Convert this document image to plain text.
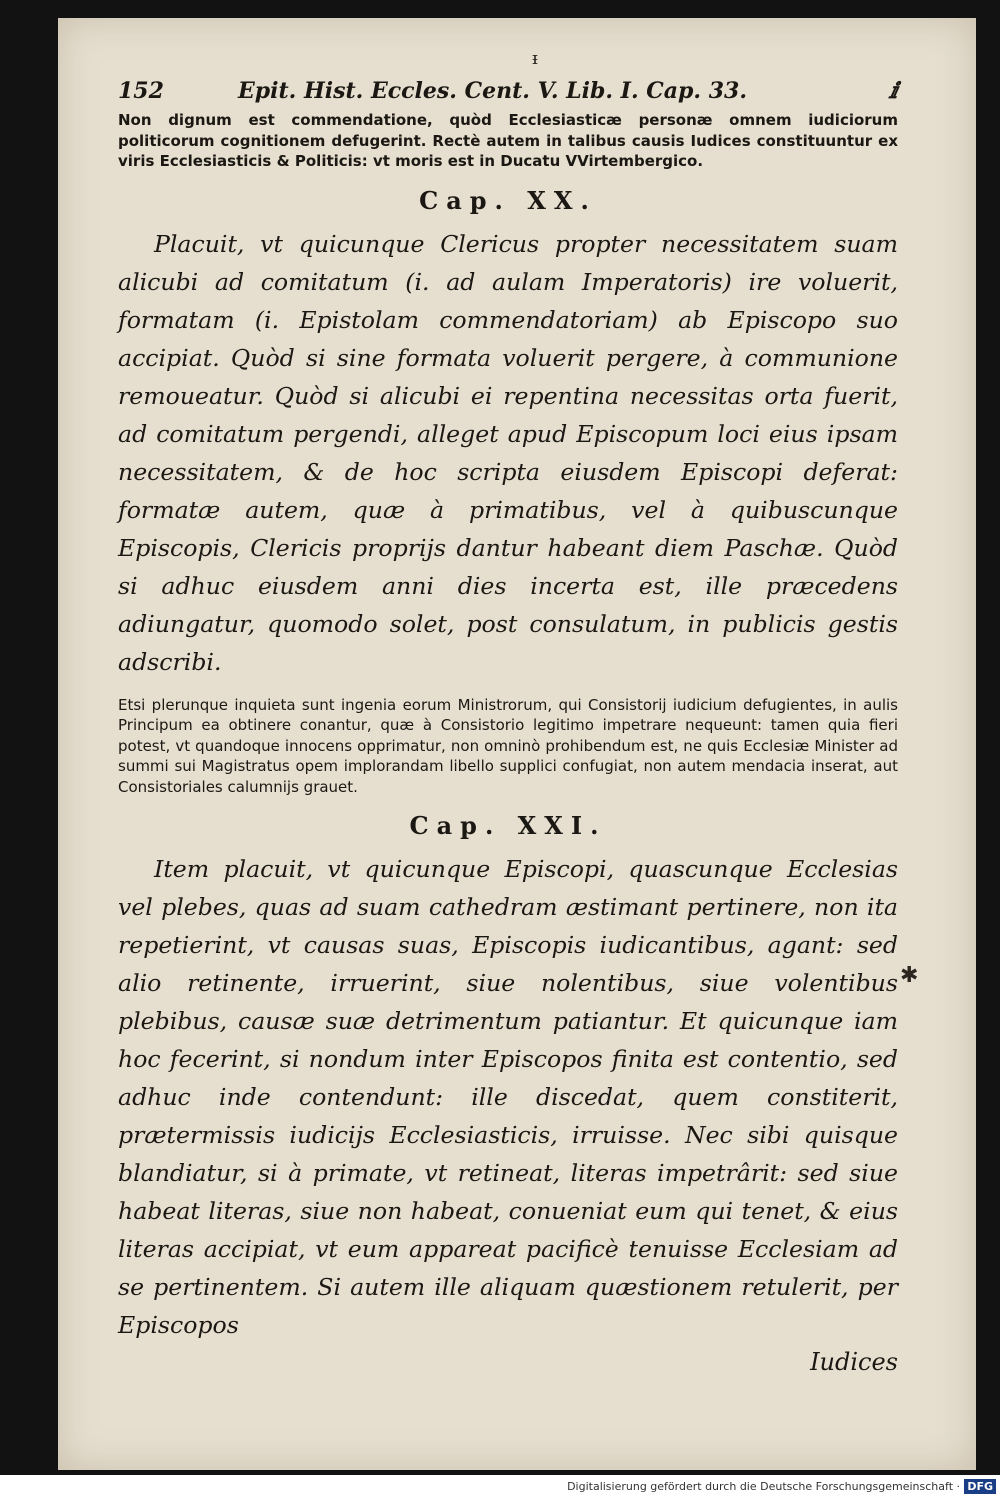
ᵻ
152	Epit. Hist. Eccles. Cent. V. Lib. I. Cap. 33.	ⅈ

Non dignum est commendatione, quòd Ecclesiasticæ personæ omnem iudiciorum politicorum cognitionem defugerint. Rectè autem in talibus causis Iudices constituuntur ex viris Ecclesiasticis & Politicis: vt moris est in Ducatu VVirtembergico.

Cap. XX.

Placuit, vt quicunque Clericus propter necessitatem suam alicubi ad comitatum (i. ad aulam Imperatoris) ire voluerit, formatam (i. Epistolam commendatoriam) ab Episcopo suo accipiat. Quòd si sine formata voluerit pergere, à communione remoueatur. Quòd si alicubi ei repentina necessitas orta fuerit, ad comitatum pergendi, alleget apud Episcopum loci eius ipsam necessitatem, & de hoc scripta eiusdem Episcopi deferat: formatæ autem, quæ à primatibus, vel à quibuscunque Episcopis, Clericis proprijs dantur habeant diem Paschæ. Quòd si adhuc eiusdem anni dies incerta est, ille præcedens adiungatur, quomodo solet, post consulatum, in publicis gestis adscribi.

Etsi plerunque inquieta sunt ingenia eorum Ministrorum, qui Consistorij iudicium defugientes, in aulis Principum ea obtinere conantur, quæ à Consistorio legitimo impetrare nequeunt: tamen quia fieri potest, vt quandoque innocens opprimatur, non omninò prohibendum est, ne quis Ecclesiæ Minister ad summi sui Magistratus opem implorandam libello supplici confugiat, non autem mendacia inserat, aut Consistoriales calumnijs grauet.

Cap. XXI.

Item placuit, vt quicunque Episcopi, quascunque Ecclesias vel plebes, quas ad suam cathedram æstimant pertinere, non ita repetierint, vt causas suas, Episcopis iudicantibus, agant: sed alio retinente, irruerint, siue nolentibus, siue volentibus plebibus, causæ suæ detrimentum patiantur. Et quicunque iam hoc fecerint, si nondum inter Episcopos finita est contentio, sed adhuc inde contendunt: ille discedat, quem constiterit, prætermissis iudicijs Ecclesiasticis, irruisse. Nec sibi quisque blandiatur, si à primate, vt retineat, literas impetrârit: sed siue habeat literas, siue non habeat, conueniat eum qui tenet, & eius literas accipiat, vt eum appareat pacificè tenuisse Ecclesiam ad se pertinentem. Si autem ille aliquam quæstionem retulerit, per Episcopos

Iudices

✱
Digitalisierung gefördert durch die Deutsche Forschungsgemeinschaft · DFG
